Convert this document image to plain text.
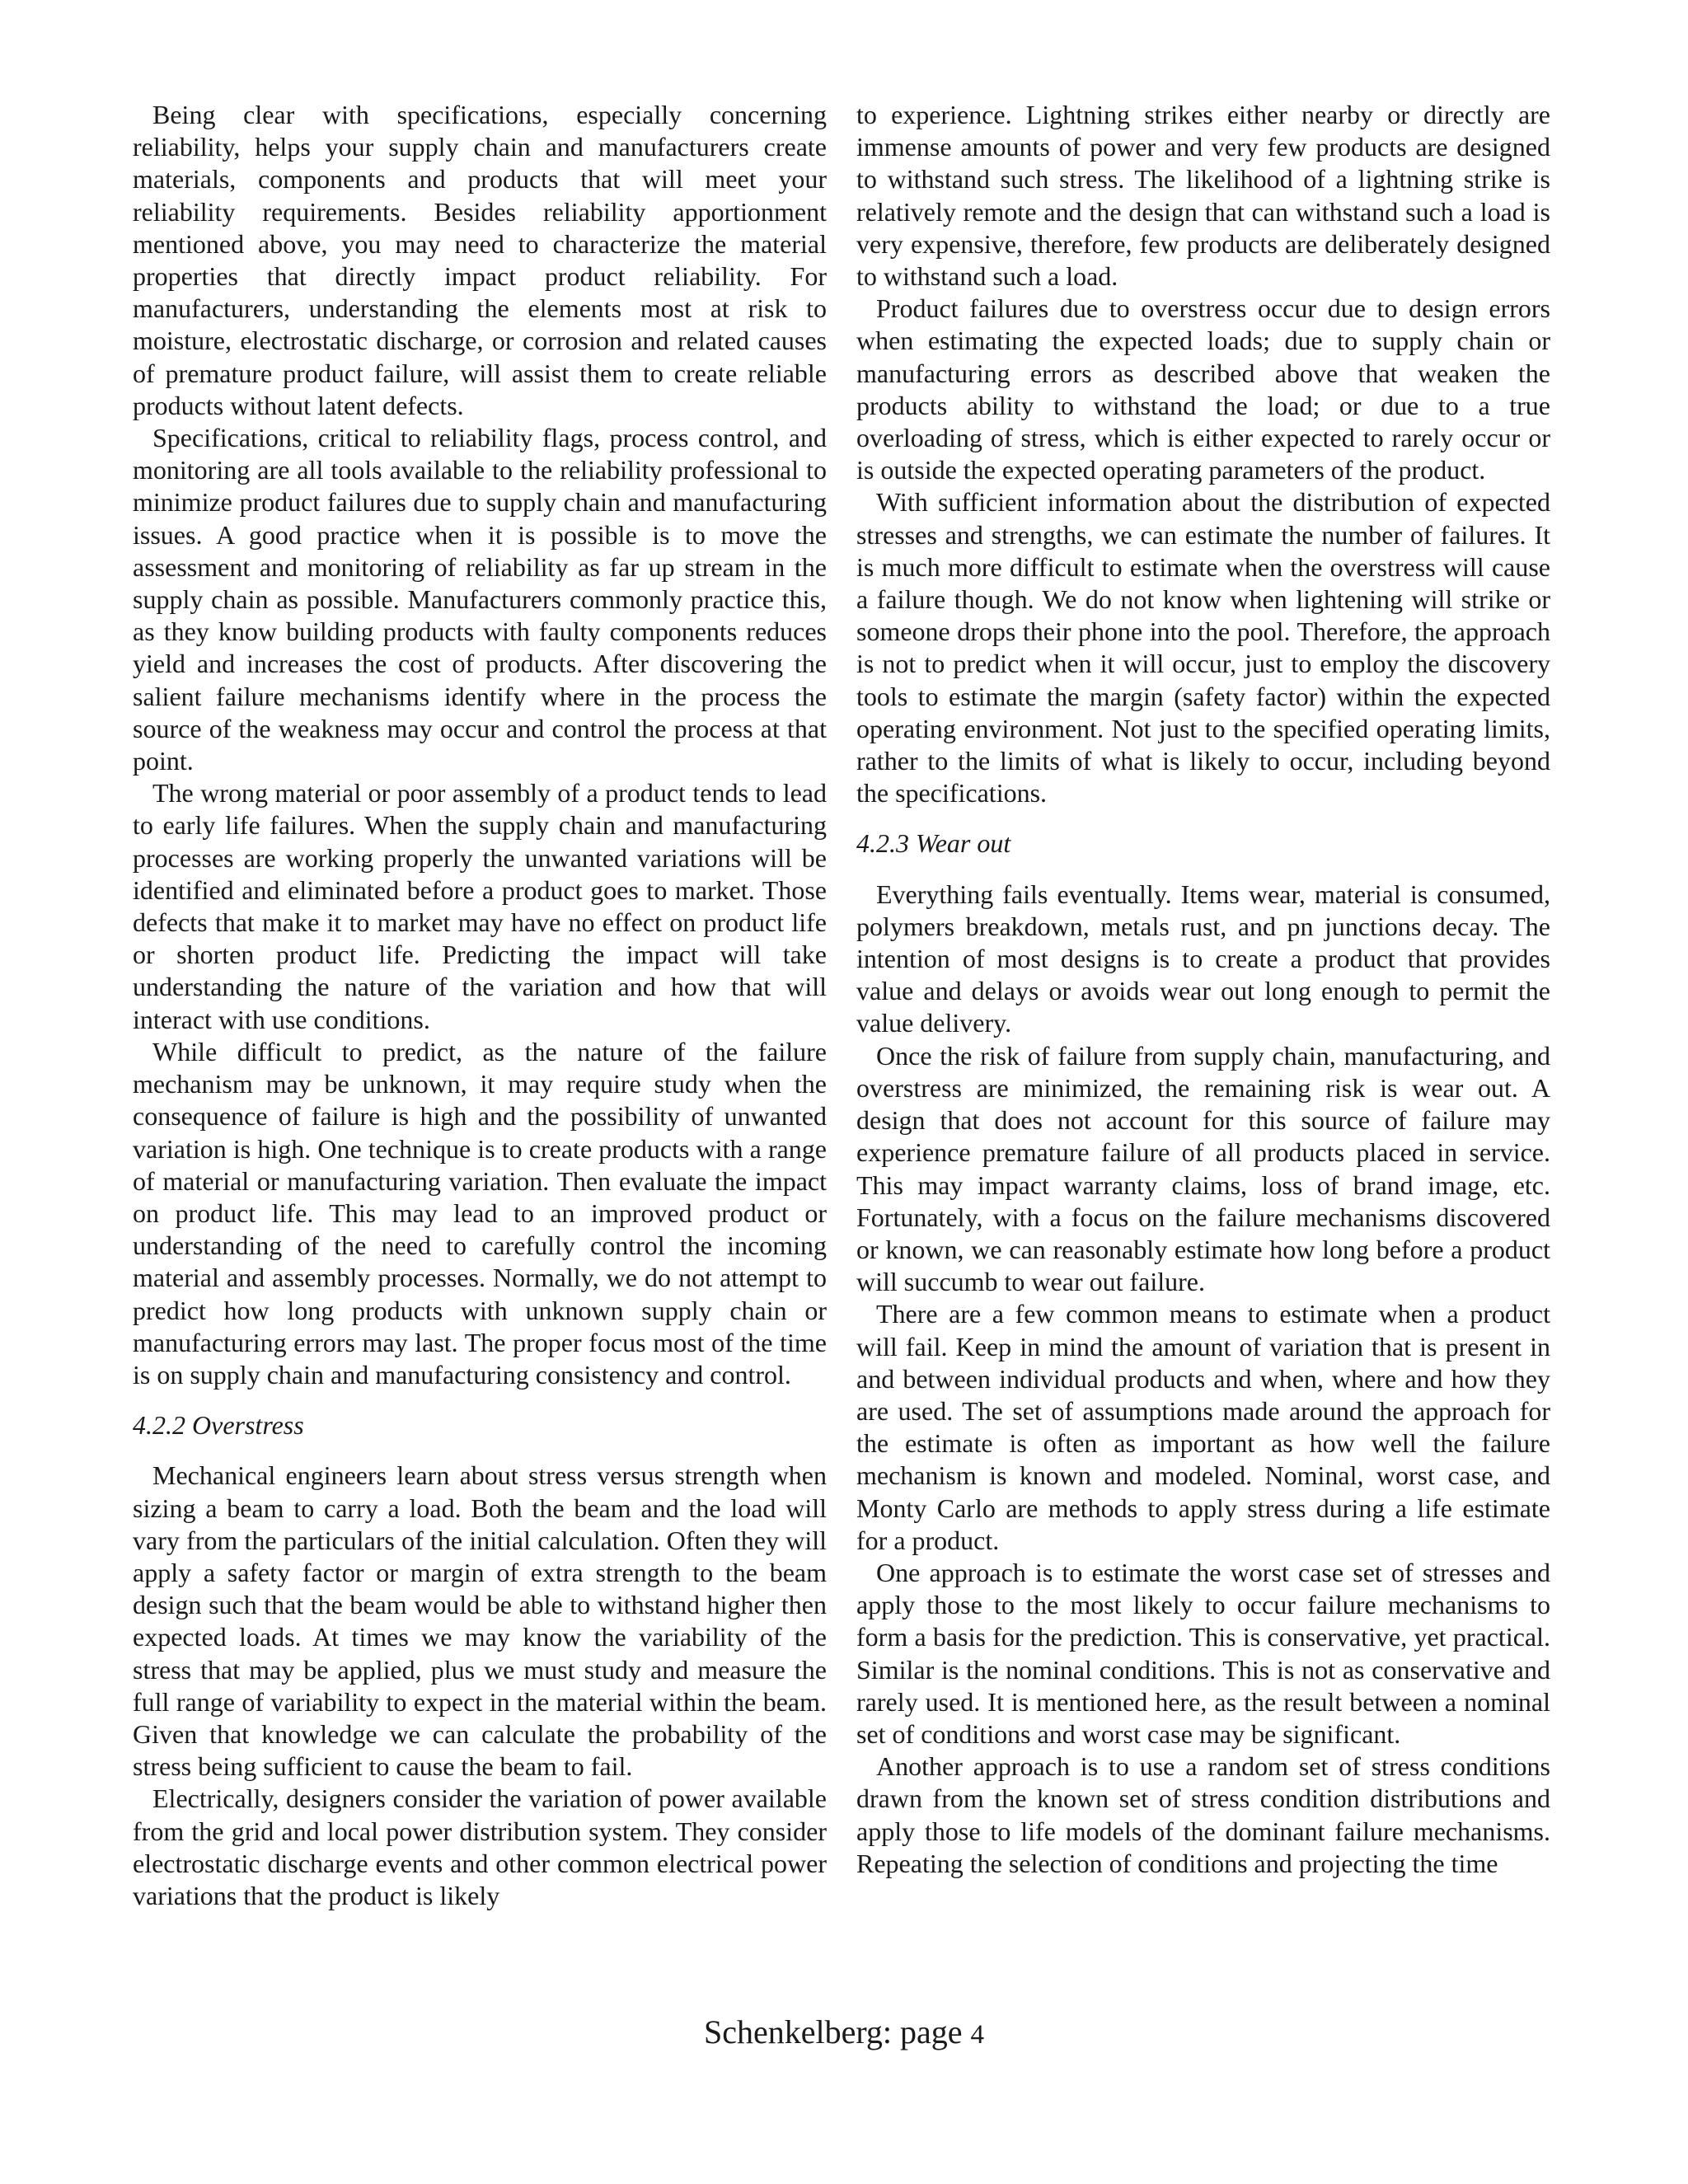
Being clear with specifications, especially concerning reliability, helps your supply chain and manufacturers create materials, components and products that will meet your reliability requirements. Besides reliability apportionment mentioned above, you may need to characterize the material properties that directly impact product reliability. For manufacturers, understanding the elements most at risk to moisture, electrostatic discharge, or corrosion and related causes of premature product failure, will assist them to create reliable products without latent defects.

Specifications, critical to reliability flags, process control, and monitoring are all tools available to the reliability professional to minimize product failures due to supply chain and manufacturing issues. A good practice when it is possible is to move the assessment and monitoring of reliability as far up stream in the supply chain as possible. Manufacturers commonly practice this, as they know building products with faulty components reduces yield and increases the cost of products. After discovering the salient failure mechanisms identify where in the process the source of the weakness may occur and control the process at that point.

The wrong material or poor assembly of a product tends to lead to early life failures. When the supply chain and manufacturing processes are working properly the unwanted variations will be identified and eliminated before a product goes to market. Those defects that make it to market may have no effect on product life or shorten product life. Predicting the impact will take understanding the nature of the variation and how that will interact with use conditions.

While difficult to predict, as the nature of the failure mechanism may be unknown, it may require study when the consequence of failure is high and the possibility of unwanted variation is high. One technique is to create products with a range of material or manufacturing variation. Then evaluate the impact on product life. This may lead to an improved product or understanding of the need to carefully control the incoming material and assembly processes. Normally, we do not attempt to predict how long products with unknown supply chain or manufacturing errors may last. The proper focus most of the time is on supply chain and manufacturing consistency and control.

4.2.2 Overstress

Mechanical engineers learn about stress versus strength when sizing a beam to carry a load. Both the beam and the load will vary from the particulars of the initial calculation. Often they will apply a safety factor or margin of extra strength to the beam design such that the beam would be able to withstand higher then expected loads. At times we may know the variability of the stress that may be applied, plus we must study and measure the full range of variability to expect in the material within the beam. Given that knowledge we can calculate the probability of the stress being sufficient to cause the beam to fail.

Electrically, designers consider the variation of power available from the grid and local power distribution system. They consider electrostatic discharge events and other common electrical power variations that the product is likely

to experience. Lightning strikes either nearby or directly are immense amounts of power and very few products are designed to withstand such stress. The likelihood of a lightning strike is relatively remote and the design that can withstand such a load is very expensive, therefore, few products are deliberately designed to withstand such a load.

Product failures due to overstress occur due to design errors when estimating the expected loads; due to supply chain or manufacturing errors as described above that weaken the products ability to withstand the load; or due to a true overloading of stress, which is either expected to rarely occur or is outside the expected operating parameters of the product.

With sufficient information about the distribution of expected stresses and strengths, we can estimate the number of failures. It is much more difficult to estimate when the overstress will cause a failure though. We do not know when lightening will strike or someone drops their phone into the pool. Therefore, the approach is not to predict when it will occur, just to employ the discovery tools to estimate the margin (safety factor) within the expected operating environment. Not just to the specified operating limits, rather to the limits of what is likely to occur, including beyond the specifications.

4.2.3 Wear out

Everything fails eventually. Items wear, material is consumed, polymers breakdown, metals rust, and pn junctions decay. The intention of most designs is to create a product that provides value and delays or avoids wear out long enough to permit the value delivery.

Once the risk of failure from supply chain, manufacturing, and overstress are minimized, the remaining risk is wear out. A design that does not account for this source of failure may experience premature failure of all products placed in service. This may impact warranty claims, loss of brand image, etc. Fortunately, with a focus on the failure mechanisms discovered or known, we can reasonably estimate how long before a product will succumb to wear out failure.

There are a few common means to estimate when a product will fail. Keep in mind the amount of variation that is present in and between individual products and when, where and how they are used. The set of assumptions made around the approach for the estimate is often as important as how well the failure mechanism is known and modeled. Nominal, worst case, and Monty Carlo are methods to apply stress during a life estimate for a product.

One approach is to estimate the worst case set of stresses and apply those to the most likely to occur failure mechanisms to form a basis for the prediction. This is conservative, yet practical. Similar is the nominal conditions. This is not as conservative and rarely used. It is mentioned here, as the result between a nominal set of conditions and worst case may be significant.

Another approach is to use a random set of stress conditions drawn from the known set of stress condition distributions and apply those to life models of the dominant failure mechanisms. Repeating the selection of conditions and projecting the time

Schenkelberg: page 4
